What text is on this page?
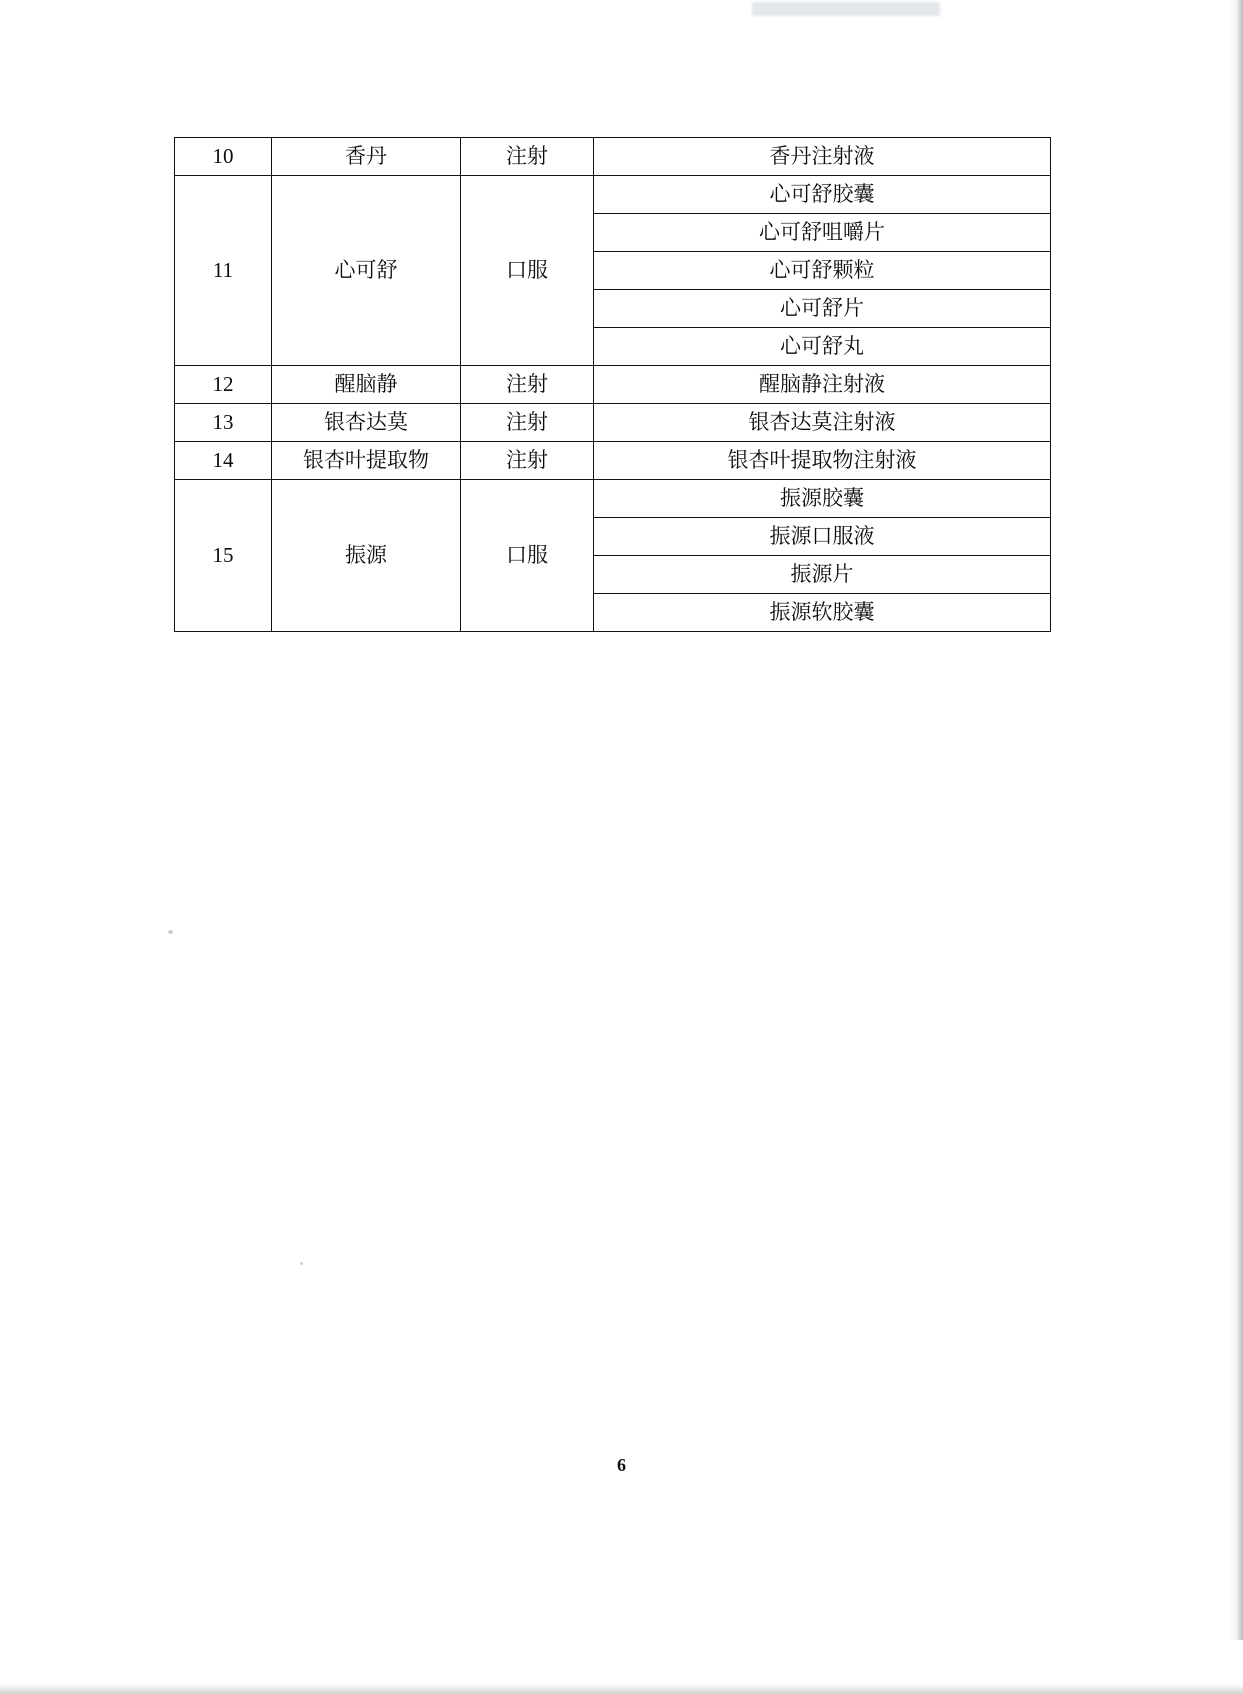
10	香丹	注射	香丹注射液
11	心可舒	口服	心可舒胶囊
			心可舒咀嚼片
			心可舒颗粒
			心可舒片
			心可舒丸
12	醒脑静	注射	醒脑静注射液
13	银杏达莫	注射	银杏达莫注射液
14	银杏叶提取物	注射	银杏叶提取物注射液
15	振源	口服	振源胶囊
			振源口服液
			振源片
			振源软胶囊
6
